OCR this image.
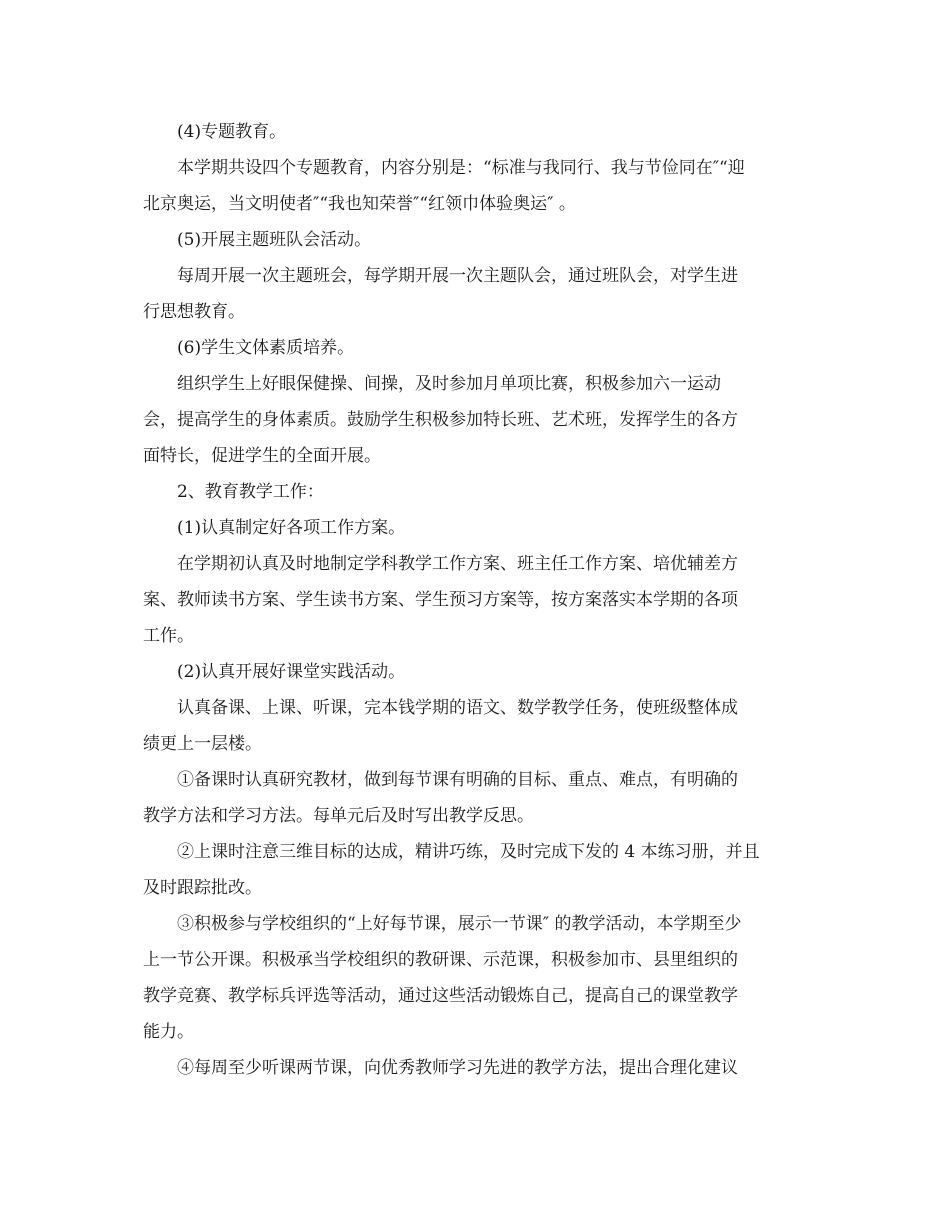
(4)专题教育。
本学期共设四个专题教育，内容分别是：“标准与我同行、我与节俭同在″“迎
北京奥运，当文明使者″“我也知荣誉″“红领巾体验奥运″ 。
(5)开展主题班队会活动。
每周开展一次主题班会，每学期开展一次主题队会，通过班队会，对学生进
行思想教育。
(6)学生文体素质培养。
组织学生上好眼保健操、间操，及时参加月单项比赛，积极参加六一运动
会，提高学生的身体素质。鼓励学生积极参加特长班、艺术班，发挥学生的各方
面特长，促进学生的全面开展。
2、教育教学工作：
(1)认真制定好各项工作方案。
在学期初认真及时地制定学科教学工作方案、班主任工作方案、培优辅差方
案、教师读书方案、学生读书方案、学生预习方案等，按方案落实本学期的各项
工作。
(2)认真开展好课堂实践活动。
认真备课、上课、听课，完本钱学期的语文、数学教学任务，使班级整体成
绩更上一层楼。
①备课时认真研究教材，做到每节课有明确的目标、重点、难点，有明确的
教学方法和学习方法。每单元后及时写出教学反思。
②上课时注意三维目标的达成，精讲巧练，及时完成下发的 4 本练习册，并且
及时跟踪批改。
③积极参与学校组织的“上好每节课，展示一节课″ 的教学活动，本学期至少
上一节公开课。积极承当学校组织的教研课、示范课，积极参加市、县里组织的
教学竞赛、教学标兵评选等活动，通过这些活动锻炼自己，提高自己的课堂教学
能力。
④每周至少听课两节课，向优秀教师学习先进的教学方法，提出合理化建议
